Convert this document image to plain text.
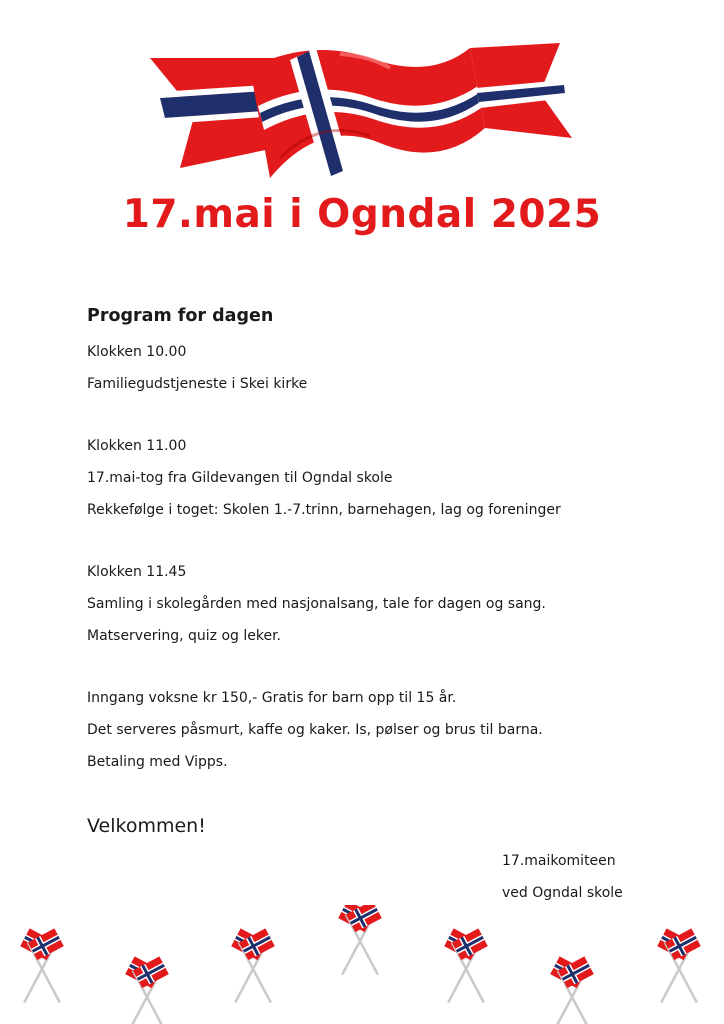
17.mai i Ogndal 2025
Program for dagen
Klokken 10.00
Familiegudstjeneste i Skei kirke
Klokken 11.00
17.mai-tog fra Gildevangen til Ogndal skole
Rekkefølge i toget: Skolen 1.-7.trinn, barnehagen, lag og foreninger
Klokken 11.45
Samling i skolegården med nasjonalsang, tale for dagen og sang.
Matservering, quiz og leker.
Inngang voksne kr 150,- Gratis for barn opp til 15 år.
Det serveres påsmurt, kaffe og kaker. Is, pølser og brus til barna.
Betaling med Vipps.
Velkommen!
17.maikomiteen
ved Ogndal skole
